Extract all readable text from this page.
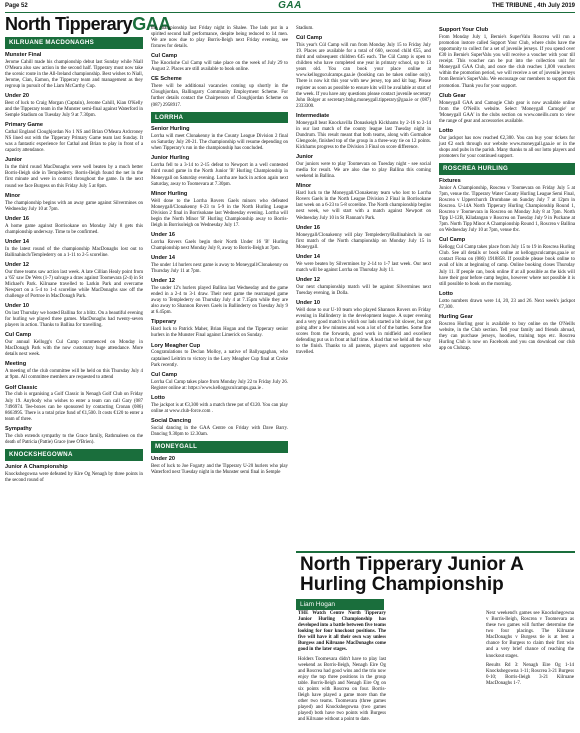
Page 52	GAA	THE TRIBUNE , 4th July 2019
North TipperaryGAA
KILRUANE MACDONAGHS
Munster Final

Jerome Cahill made his championship debut last Sunday while Niall O'Meara also saw action in the second half. Tipperary must now take the scenic route in the All-Ireland championship. Best wishes to Niall, Jerome, Cian, Eamon, the Tipperary team and management as they regroup in pursuit of the Liam McCarthy Cup.

Under 20

Best of luck to Craig Morgan (Captain), Jerome Cahill, Kian O'Kelly and the Tipperary team in the Munster semi-final against Waterford in Semple Stadium on Tuesday July 9 at 7.30pm.

Primary Game

Cathal England Cloughjordan No 1 NS and Brian O'Meara Ardcroney NS lined out with the Tipperary Primary Game team last Sunday. It was a fantastic experience for Cathal and Brian to play in front of a capacity attendance.

Junior

In the third round MacDonaghs were well beaten by a much better Borris-Ileigh side in Templederry. Borris-Ileigh found the net in the first minute and were in control throughout the game. In the next round we face Burgess on this Friday July 5 at 8pm.

Minor

The championship begins with an away game against Silvermines on Wednesday July 10 at 7pm.

Under 16

A home game against Borrisokane on Monday July 8 gets this championship underway. Time to be confirmed.

Under 14

In the latest round of the championship MacDonaghs lost out to Ballinahinch/Templederry on a 1-11 to 2-5 scoreline.

Under 12

Our three teams saw action last week. A late Cillian Healy point from a '65' saw De Wets (1-7) salvage a draw against Toomevara (2-4) in St Michael's Park. Kilruane travelled to Larkin Park and overcame Newport on a 5-4 to 1-4 scoreline while MacDonaghs saw off the challenge of Portroe in MacDonagh Park.

Under 10

On last Thursday we hosted Ballina for a blitz. On a beautiful evening for hurling we played three games. MacDonaghs had twenty-seven players in action. Thanks to Ballina for travelling.

Cul Camp

Our annual Kellogg's Cul Camp commenced on Monday in MacDonagh Park with the now customary huge attendance. More details next week.

Meeting

A meeting of the club committee will be held on this Thursday July 4 at 9pm. All committee members are requested to attend

Golf Classic

The club is organising a Golf Classic in Nenagh Golf Club on Friday July 19. Anybody who wishes to enter a team can call Gary (087 7496974. Tee-boxes can be sponsored by contacting Cronan (086) 8663995. There is a total prize fund of €1,500. It costs €120 to enter a team of three.

Sympathy

The club extends sympathy to the Grace family, Rathmaleen on the death of Patricia (Pattie) Grace (nee O'Brien).

KNOCKSHEGOWNA
Junior A Championship

Knockshegowna were defeated by Kire Og Nenagh by three points in the second round of

the championship last Friday night in Shalee. The lads put in a spirited second half performance, despite being reduced to 14 men. We are now due to play Borris-Ileigh next Friday evening, see fixtures for details.

Cul Camp

The Knockshe Cul Camp will take place on the week of July 29 to August 2. Places are still available to book online.

CE Scheme

There will be additional vacancies coming up shortly in the Cloughjordan, Ballingarry Community Employment Scheme. For further details contact the Chairperson of Cloughjordan Scheme on (087) 2958917.

LORRHA
Senior Hurling

Lorrha will meet Clonakenny in the County League Division 2 final on Saturday July 20-21. The championship will resume depending on when Tipperary's run in the championship has concluded.

Junior Hurling

Lorrha fell to a 3-14 to 2-15 defeat to Newport in a well contested third round game in the North Junior 'B' Hurling Championship in Moneygall on Saturday evening. Lorrha are back in action again next Saturday, away to Toomevara at 7.30pm.

Minor Hurling

Well done to the Lorrha Rovers Gaels minors who defeated Moneygall/Clonakenny 6-23 to 5-9 in the North Hurling League Division 2 final in Borrisokane last Wednesday evening. Lorrha will begin the North Minor 'B' Hurling Championship away to Borris-Ileigh in Borrisoleigh on Wednesday July 17.

Under 16

Lorrha Rovers Gaels begin their North Under 16 'B' Hurling Championship next Monday July 8, away to Borris-Ileigh at 7pm.

Under 14

The under 14 hurlers next game is away to Moneygall/Clonakenny on Thursday July 11 at 7pm.

Under 12

The under 12's hurlers played Ballina last Wednesday and the game ended in a 2-4 to 3-1 draw. Their next game the rearranged game away to Templederry on Thursday July 4 at 7.15pm while they are also away to Shannon Rovers Gaels in Ballinderry on Tuesday July 9 at 6.45pm.

Tipperary

Hard luck to Patrick Maher, Brian Hogan and the Tipperary senior hurlers in the Munster Final against Limerick on Sunday.

Lory Meagher Cup

Congratulations to Declan Molloy, a native of Ballyagaghan, who captained Leitrim to victory in the Lory Meagher Cup final at Croke Park recently.

Cul Camp

Lorrha Cul Camp takes place from Monday July 22 to Friday July 26. Register online at: https://www.kelloggsculcamps.gaa.ie .

Lotto

The jackpot is at €3,300 with a match three pot of €120. You can play online at www.club-force.com .

Social Dancing

Social dancing in the GAA Centre on Friday with Dave Barry. Dancing 9.30pm to 12.30am.

MONEYGALL
Under 20

Best of luck to Joe Fogarty and the Tipperary U-20 hurlers who play Waterford next Tuesday night in the Munster semi final in Semple

Stadium.

Cúl Camp

This year's Cúl Camp will run from Monday July 15 to Friday July 19. Places are available for a total of 660, second child €55, and third and subsequent children €45 each. The Cúl Camp is open to children who have completed one year in primary school, up to 13 years old. You can book your place online at www.kelloggsculcamps.gaa.ie (booking can be taken online only). There is now kit this year with new jersey, top and kit bag. Please register as soon as possible to ensure kits will be available at start of the week. If you have any questions please contact juvenile secretary John Bolger at secretary.bnhg.moneygall.tipperary@gaa.ie or (087) 2333300.

Intermediate

Moneygall beat Knockavilla Donaskeigh Kickhams by 2-16 to 2-14 in our last match of the county league last Tuesday night in Dundrum. This result meant that both teams, along with Gortnahoe Glengoole, finished top of the group in a three-way tie on 12 points. Kickhams progress to the Division 3 Final on score difference.

Junior

Our juniors were to play Toomevara on Tuesday night - see social media for result. We are also due to play Ballina this coming weekend in Ballina.

Minor

Hard luck to the Moneygall/Clonakenny team who lost to Lorrha Rovers Gaels in the North League Division 2 Final in Borrisokane last week on a 6-23 to 5-8 scoreline. The North championship begins next week, we will start with a match against Newport on Wednesday July 10 in St Flannan's Park.

Under 16

Moneygall/Clonakenny will play Templederry/Ballinahinch in our first match of the North championship on Monday July 15 in Moneygall.

Under 14

We were beaten by Silvermines by 2-14 to 1-7 last week. Our next match will be against Lorrha on Thursday July 11.

Under 12

Our next championship match will be against Silvermines next Tuesday evening, in Dolla.

Under 10

Well done to our U-10 team who played Shannon Rovers on Friday evening in Ballinderry in the development league. A super evening and a very good match in which our lads started a bit slower, but got going after a few minutes and won a lot of of the battles. Some fine scores from the forwards, good work in midfield and excellent defending put us in front at half time. A lead that we held all the way to the finish. Thanks to all parents, players and supporters who travelled.

Support Your Club

From Monday July 1, Bernie's SuperValu Roscrea will run a promotion instore called Support Your Club, where clubs have the opportunity to collect for a set of juvenile jerseys. If you spend over €30 in Bernie's SuperValu you will receive a voucher with your till receipt. This voucher can be put into the collection unit for Moneygall GAA Club, and once the club reaches 1,000 vouchers within the promotion period, we will receive a set of juvenile jerseys from Bernie's SuperValu. We encourage our members to support this promotion. Thank you for your support.

Club Gear

Moneygall GAA and Camogie Club gear is now available online from the O'Neills website. Select 'Moneygall Camogie' or 'Moneygall GAA' in the clubs section on www.oneills.com to view the range of gear and accessories available.

Lotto

Our jackpot has now reached €2,300. You can buy your tickets for just €2 each through our website www.moneygall.gaa.ie or in the shops and pubs in the parish. Many thanks to all our lotto players and promoters for your continued support.

ROSCREA HURLING
Fixtures

Junior A Championship, Roscrea v Toomevara on Friday July 5 at 7pm, venue tbc. Tipperary Water County Hurling League Semi Final, Roscrea v Upperchurch Drombane on Sunday July 7 at 12pm in Roscrea. U-14A North Tipperary Hurling Championship Round 1, Roscrea v Toomevara in Roscrea on Monday July 8 at 7pm. North Tipp U-12B, Kiladangan v Roscrea on Tuesday July 9 in Puckane at 7pm. North Tipp Minor A Championship Round 1, Roscrea v Ballina on Wednesday July 10 at 7pm, venue tbc.

Cul Camp

Kellogg Cul Camp takes place from July 15 to 19 in Roscrea Hurling Club. See all details or book online at kelloggsculcamps.gaa.ie or contact Fiona on (086) 1918858. If possible please book online to avail of kits at beginning of camp. Online booking closes Thursday July 11. If people can, book online if at all possible as the kids will have their gear before camp begins, however where not possible it is still possible to book on the morning.

Lotto

Lotto numbers drawn were 14, 20, 23 and 26. Next week's jackpot €7,300.

Hurling Gear

Roscrea Hurling gear is available to buy online on the O'Neills website, in the Club section. Tell your family and friends abroad, they can purchase jerseys, hoodies, training tops etc. Roscrea Hurling Club is now on Facebook and you can download our club app on Clubzap.

North Tipperary Junior A Hurling Championship
Liam Hogan

THE Watch Centre North Tipperary Junior Hurling Championship has developed into a battle between five teams looking for four knockout positions. The five will have it all their own way unless Burgess and Kilruane MacDonaghs come good in the later stages.

Holders Toomevara didn't have to play last weekend as Borris-Ileigh, Nenagh Eire Og and Roscrea had good wins and the trio now enjoy the top three positions in the group table. Borris-Ileigh and Nenagh Eire Og on six points with Roscrea on four. Borris-Ileigh have played a game more than the other two teams. Toomevara (three games played) and Knockshegowna (two games played) both have two points with Burgess and Kilruane without a point to date.

Next weekend's games see Knockshegowna v Borris-Ileigh, Roscrea v Toomevara as these two games will further determine the two four placings. The Kilruane MacDonaghs v Burgess tie is at best a chance for Burgess to claim their first win and a very brief chance of reaching the knockout stages.

Results Rd 3: Nenagh Eire Og 1-14 Knockshegowna 1-11; Roscrea 3-21 Burgess 0-10; Borris-Ileigh 3-21 Kilruane MacDonaghs 1-7.
